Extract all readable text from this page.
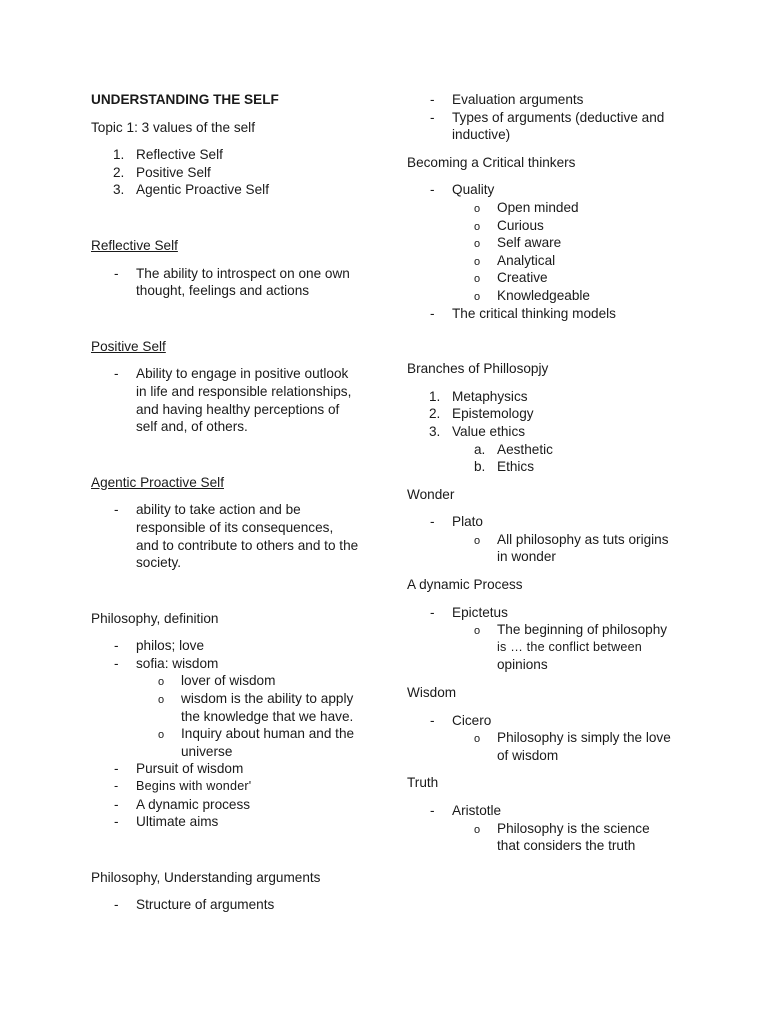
UNDERSTANDING THE SELF

Topic 1: 3 values of the self

1. Reflective Self

2. Positive Self

3. Agentic Proactive Self

Reflective Self

- The ability to introspect on one own

thought, feelings and actions

Positive Self

- Ability to engage in positive outlook

in life and responsible relationships,

and having healthy perceptions of

self and, of others.

Agentic Proactive Self

- ability to take action and be

responsible of its consequences,

and to contribute to others and to the

society.

Philosophy, definition

- philos; love

- sofia: wisdom

o lover of wisdom

o wisdom is the ability to apply

the knowledge that we have.

o Inquiry about human and the

universe

- Pursuit of wisdom

- Begins with wonder'

- A dynamic process

- Ultimate aims

Philosophy, Understanding arguments

- Structure of arguments

- Evaluation arguments

- Types of arguments (deductive and

inductive)

Becoming a Critical thinkers

- Quality

o Open minded

o Curious

o Self aware

o Analytical

o Creative

o Knowledgeable

- The critical thinking models

Branches of Phillosopjy

1. Metaphysics

2. Epistemology

3. Value ethics

a. Aesthetic

b. Ethics

Wonder

- Plato

o All philosophy as tuts origins

in wonder

A dynamic Process

- Epictetus

o The beginning of philosophy

is … the conflict between

opinions

Wisdom

- Cicero

o Philosophy is simply the love

of wisdom

Truth

- Aristotle

o Philosophy is the science

that considers the truth
